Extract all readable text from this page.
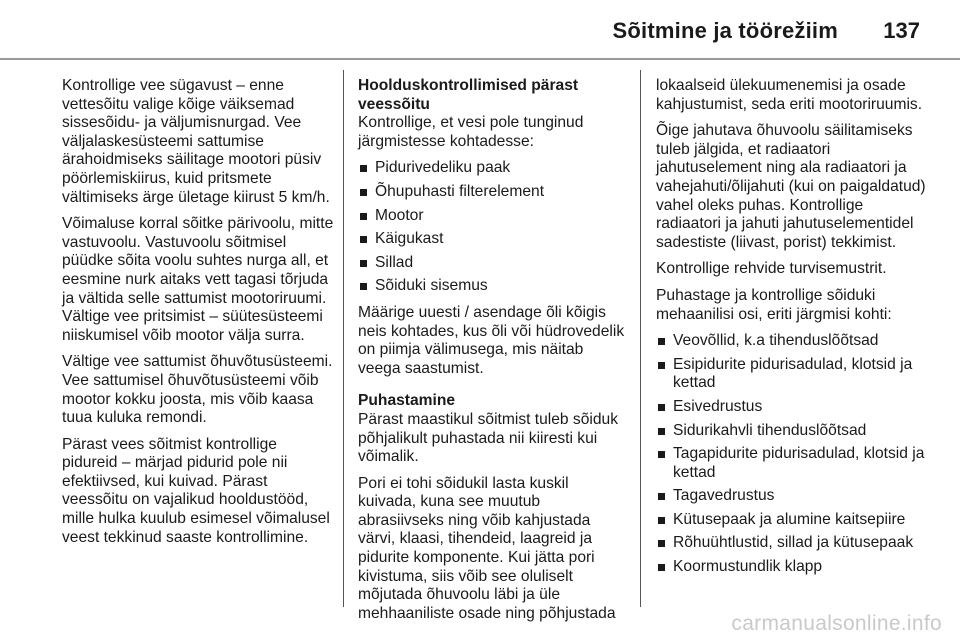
Sõitmine ja töörežiim 137

Kontrollige vee sügavust – enne vettesõitu valige kõige väiksemad sissesõidu- ja väljumisnurgad. Vee väljalaskesüsteemi sattumise ärahoidmiseks säilitage mootori püsiv pöörlemiskiirus, kuid pritsmete vältimiseks ärge ületage kiirust 5 km/h.

Võimaluse korral sõitke pärivoolu, mitte vastuvoolu. Vastuvoolu sõitmisel püüdke sõita voolu suhtes nurga all, et eesmine nurk aitaks vett tagasi tõrjuda ja vältida selle sattumist mootoriruumi. Vältige vee pritsimist – süütesüsteemi niiskumisel võib mootor välja surra.

Vältige vee sattumist õhuvõtusüsteemi. Vee sattumisel õhuvõtusüsteemi võib mootor kokku joosta, mis võib kaasa tuua kuluka remondi.

Pärast vees sõitmist kontrollige pidureid – märjad pidurid pole nii efektiivsed, kui kuivad. Pärast veessõitu on vajalikud hooldustööd, mille hulka kuulub esimesel võimalusel veest tekkinud saaste kontrollimine.

Hoolduskontrollimised pärast veessõitu

Kontrollige, et vesi pole tunginud järgmistesse kohtadesse:

Pidurivedeliku paak
Õhupuhasti filterelement
Mootor
Käigukast
Sillad
Sõiduki sisemus

Määrige uuesti / asendage õli kõigis neis kohtades, kus õli või hüdrovedelik on piimja välimusega, mis näitab veega saastumist.

Puhastamine

Pärast maastikul sõitmist tuleb sõiduk põhjalikult puhastada nii kiiresti kui võimalik.

Pori ei tohi sõidukil lasta kuskil kuivada, kuna see muutub abrasiivseks ning võib kahjustada värvi, klaasi, tihendeid, laagreid ja pidurite komponente. Kui jätta pori kivistuma, siis võib see oluliselt mõjutada õhuvoolu läbi ja üle mehhaaniliste osade ning põhjustada

lokaalseid ülekuumenemisi ja osade kahjustumist, seda eriti mootoriruumis.

Õige jahutava õhuvoolu säilitamiseks tuleb jälgida, et radiaatori jahutuselement ning ala radiaatori ja vahejahuti/õlijahuti (kui on paigaldatud) vahel oleks puhas. Kontrollige radiaatori ja jahuti jahutuselementidel sadestiste (liivast, porist) tekkimist.

Kontrollige rehvide turvisemustrit.

Puhastage ja kontrollige sõiduki mehaanilisi osi, eriti järgmisi kohti:

Veovõllid, k.a tihenduslõõtsad
Esipidurite pidurisadulad, klotsid ja kettad
Esivedrustus
Sidurikahvli tihenduslõõtsad
Tagapidurite pidurisadulad, klotsid ja kettad
Tagavedrustus
Kütusepaak ja alumine kaitsepiire
Rõhuühtlustid, sillad ja kütusepaak
Koormustundlik klapp
carmanualsonline.info
